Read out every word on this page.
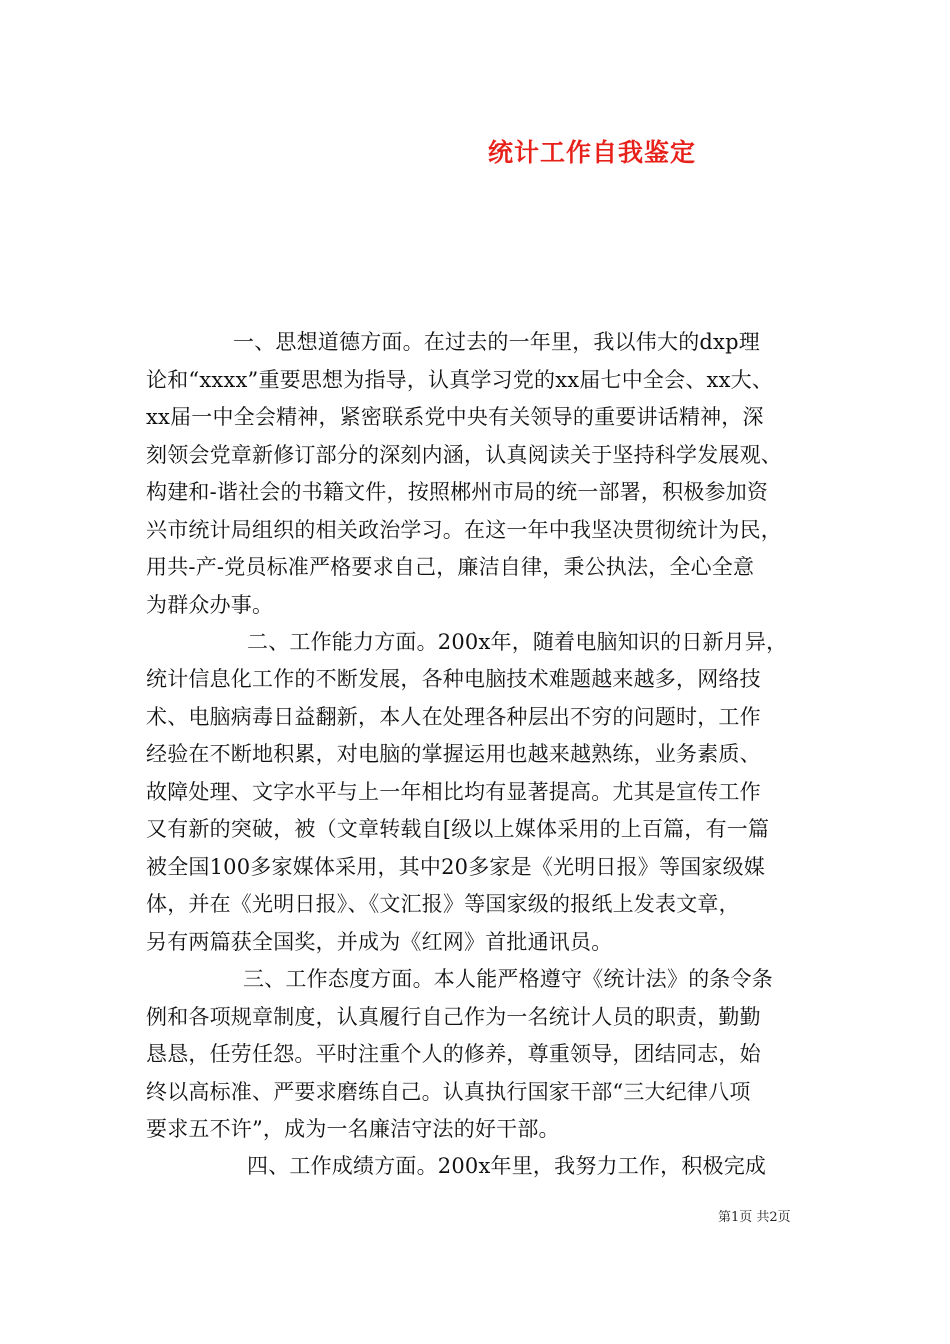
统计工作自我鉴定
一、思想道德方面。在过去的一年里，我以伟大的dxp理
论和“xxxx”重要思想为指导，认真学习党的xx届七中全会、xx大、
xx届一中全会精神，紧密联系党中央有关领导的重要讲话精神，深
刻领会党章新修订部分的深刻内涵，认真阅读关于坚持科学发展观、
构建和-谐社会的书籍文件，按照郴州市局的统一部署，积极参加资
兴市统计局组织的相关政治学习。在这一年中我坚决贯彻统计为民，
用共-产-党员标准严格要求自己，廉洁自律，秉公执法，全心全意
为群众办事。
二、工作能力方面。200x年，随着电脑知识的日新月异，
统计信息化工作的不断发展，各种电脑技术难题越来越多，网络技
术、电脑病毒日益翻新，本人在处理各种层出不穷的问题时，工作
经验在不断地积累，对电脑的掌握运用也越来越熟练，业务素质、
故障处理、文字水平与上一年相比均有显著提高。尤其是宣传工作
又有新的突破，被（文章转载自[级以上媒体采用的上百篇，有一篇
被全国100多家媒体采用，其中20多家是《光明日报》等国家级媒
体，并在《光明日报》、《文汇报》等国家级的报纸上发表文章，
另有两篇获全国奖，并成为《红网》首批通讯员。
三、工作态度方面。本人能严格遵守《统计法》的条令条
例和各项规章制度，认真履行自己作为一名统计人员的职责，勤勤
恳恳，任劳任怨。平时注重个人的修养，尊重领导，团结同志，始
终以高标准、严要求磨练自己。认真执行国家干部“三大纪律八项
要求五不许”，成为一名廉洁守法的好干部。
四、工作成绩方面。200x年里，我努力工作，积极完成
第1页 共2页
